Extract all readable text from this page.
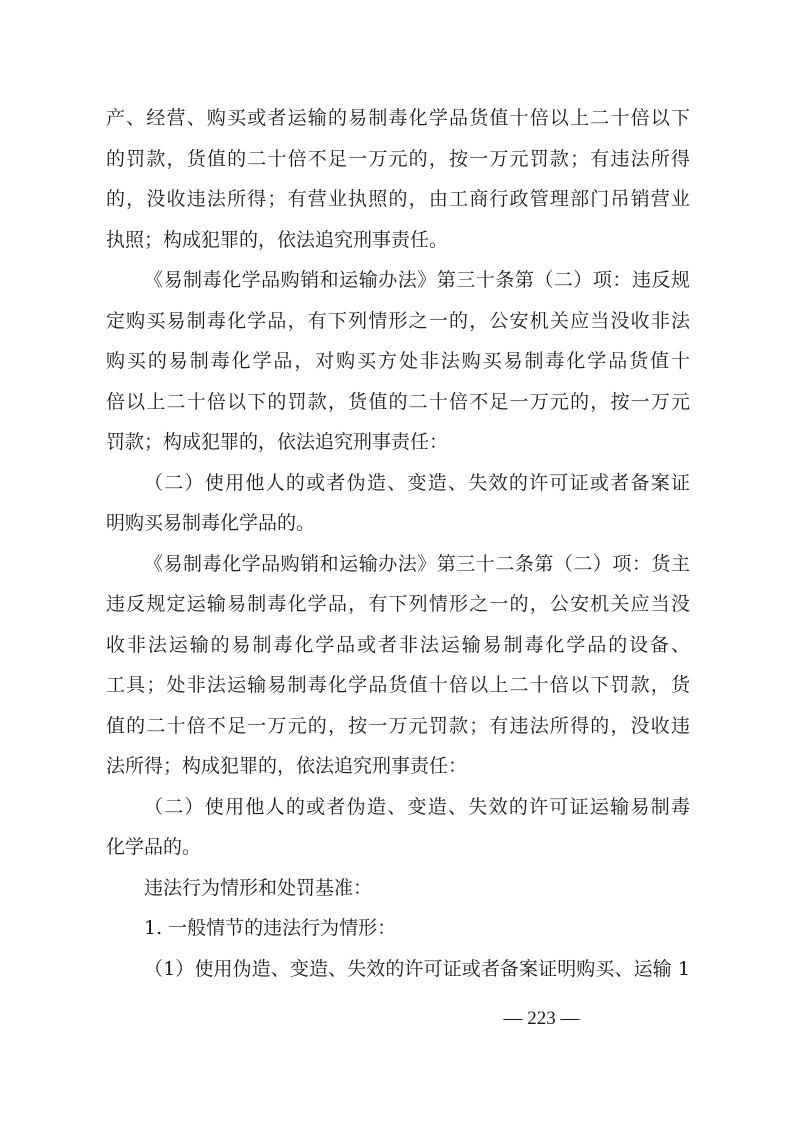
产、经营、购买或者运输的易制毒化学品货值十倍以上二十倍以下
的罚款，货值的二十倍不足一万元的，按一万元罚款；有违法所得
的，没收违法所得；有营业执照的，由工商行政管理部门吊销营业
执照；构成犯罪的，依法追究刑事责任。
《易制毒化学品购销和运输办法》第三十条第（二）项：违反规
定购买易制毒化学品，有下列情形之一的，公安机关应当没收非法
购买的易制毒化学品，对购买方处非法购买易制毒化学品货值十
倍以上二十倍以下的罚款，货值的二十倍不足一万元的，按一万元
罚款；构成犯罪的，依法追究刑事责任：
（二）使用他人的或者伪造、变造、失效的许可证或者备案证
明购买易制毒化学品的。
《易制毒化学品购销和运输办法》第三十二条第（二）项：货主
违反规定运输易制毒化学品，有下列情形之一的，公安机关应当没
收非法运输的易制毒化学品或者非法运输易制毒化学品的设备、
工具；处非法运输易制毒化学品货值十倍以上二十倍以下罚款，货
值的二十倍不足一万元的，按一万元罚款；有违法所得的，没收违
法所得；构成犯罪的，依法追究刑事责任：
（二）使用他人的或者伪造、变造、失效的许可证运输易制毒
化学品的。
违法行为情形和处罚基准：
1. 一般情节的违法行为情形：
（1）使用伪造、变造、失效的许可证或者备案证明购买、运输 1
— 223 —
